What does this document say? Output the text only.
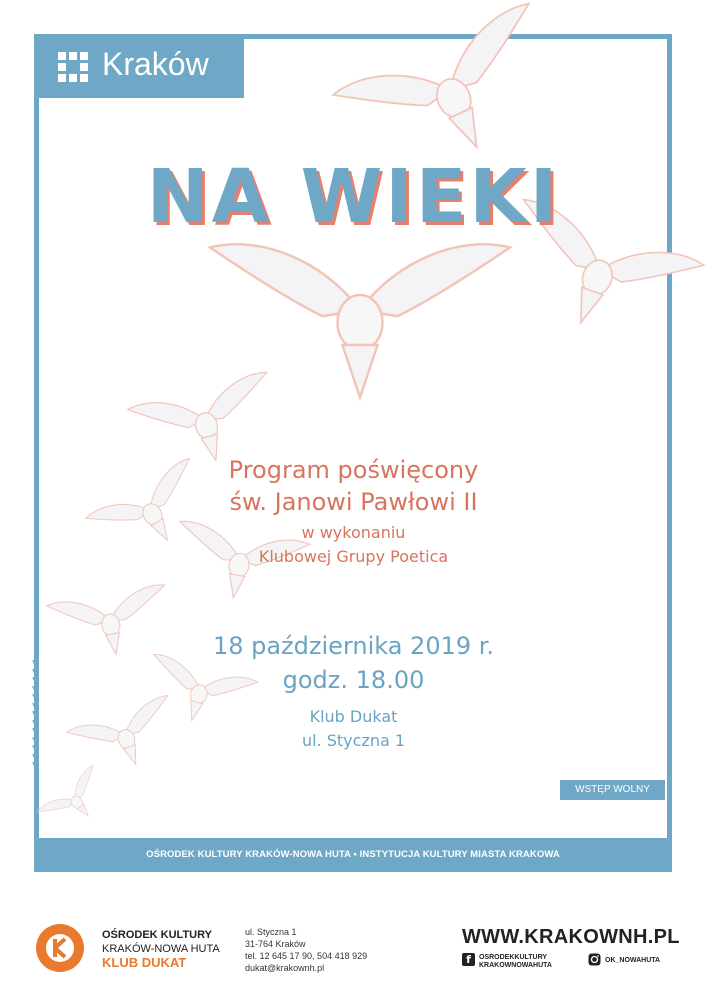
Kraków
NA WIEKI
Program poświęcony
św. Janowi Pawłowi II
w wykonaniu
Klubowej Grupy Poetica
18 października 2019 r.
godz. 18.00
Klub Dukat
ul. Styczna 1
▼
▼
▼
▼
▼
▼
▼
▼
▼
▼
▼
▼
▼
WSTĘP WOLNY
OŚRODEK KULTURY KRAKÓW-NOWA HUTA • INSTYTUCJA KULTURY MIASTA KRAKOWA
OŚRODEK KULTURY
KRAKÓW-NOWA HUTA
KLUB DUKAT
ul. Styczna 1
31-764 Kraków
tel. 12 645 17 90, 504 418 929
dukat@krakownh.pl
WWW.KRAKOWNH.PL
f	OSRODEKKULTURY
KRAKOWNOWAHUTA
OK_NOWAHUTA
